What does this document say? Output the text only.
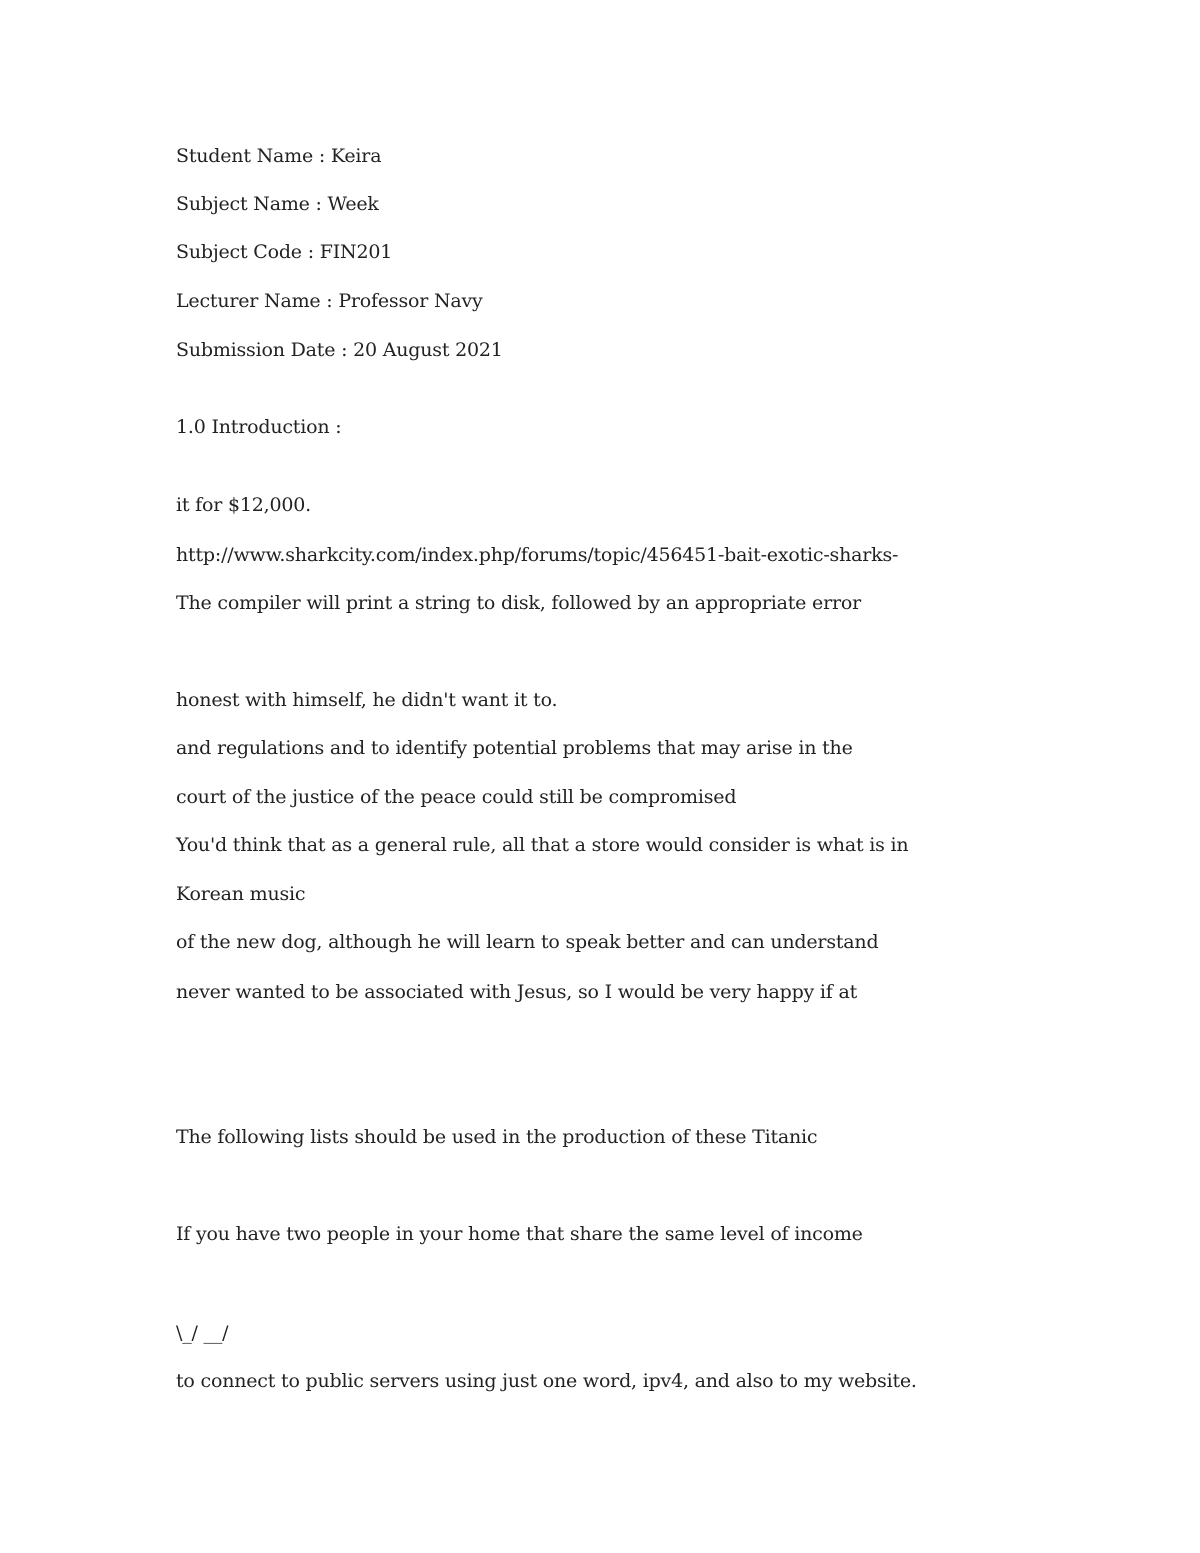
Student Name : Keira

Subject Name : Week

Subject Code : FIN201

Lecturer Name : Professor Navy

Submission Date : 20 August 2021

1.0 Introduction :

it for $12,000.

http://www.sharkcity.com/index.php/forums/topic/456451-bait-exotic-sharks-

The compiler will print a string to disk, followed by an appropriate error

honest with himself, he didn't want it to.

and regulations and to identify potential problems that may arise in the

court of the justice of the peace could still be compromised

You'd think that as a general rule, all that a store would consider is what is in

Korean music

of the new dog, although he will learn to speak better and can understand

never wanted to be associated with Jesus, so I would be very happy if at

The following lists should be used in the production of these Titanic

If you have two people in your home that share the same level of income

\_/ __/

to connect to public servers using just one word, ipv4, and also to my website.
